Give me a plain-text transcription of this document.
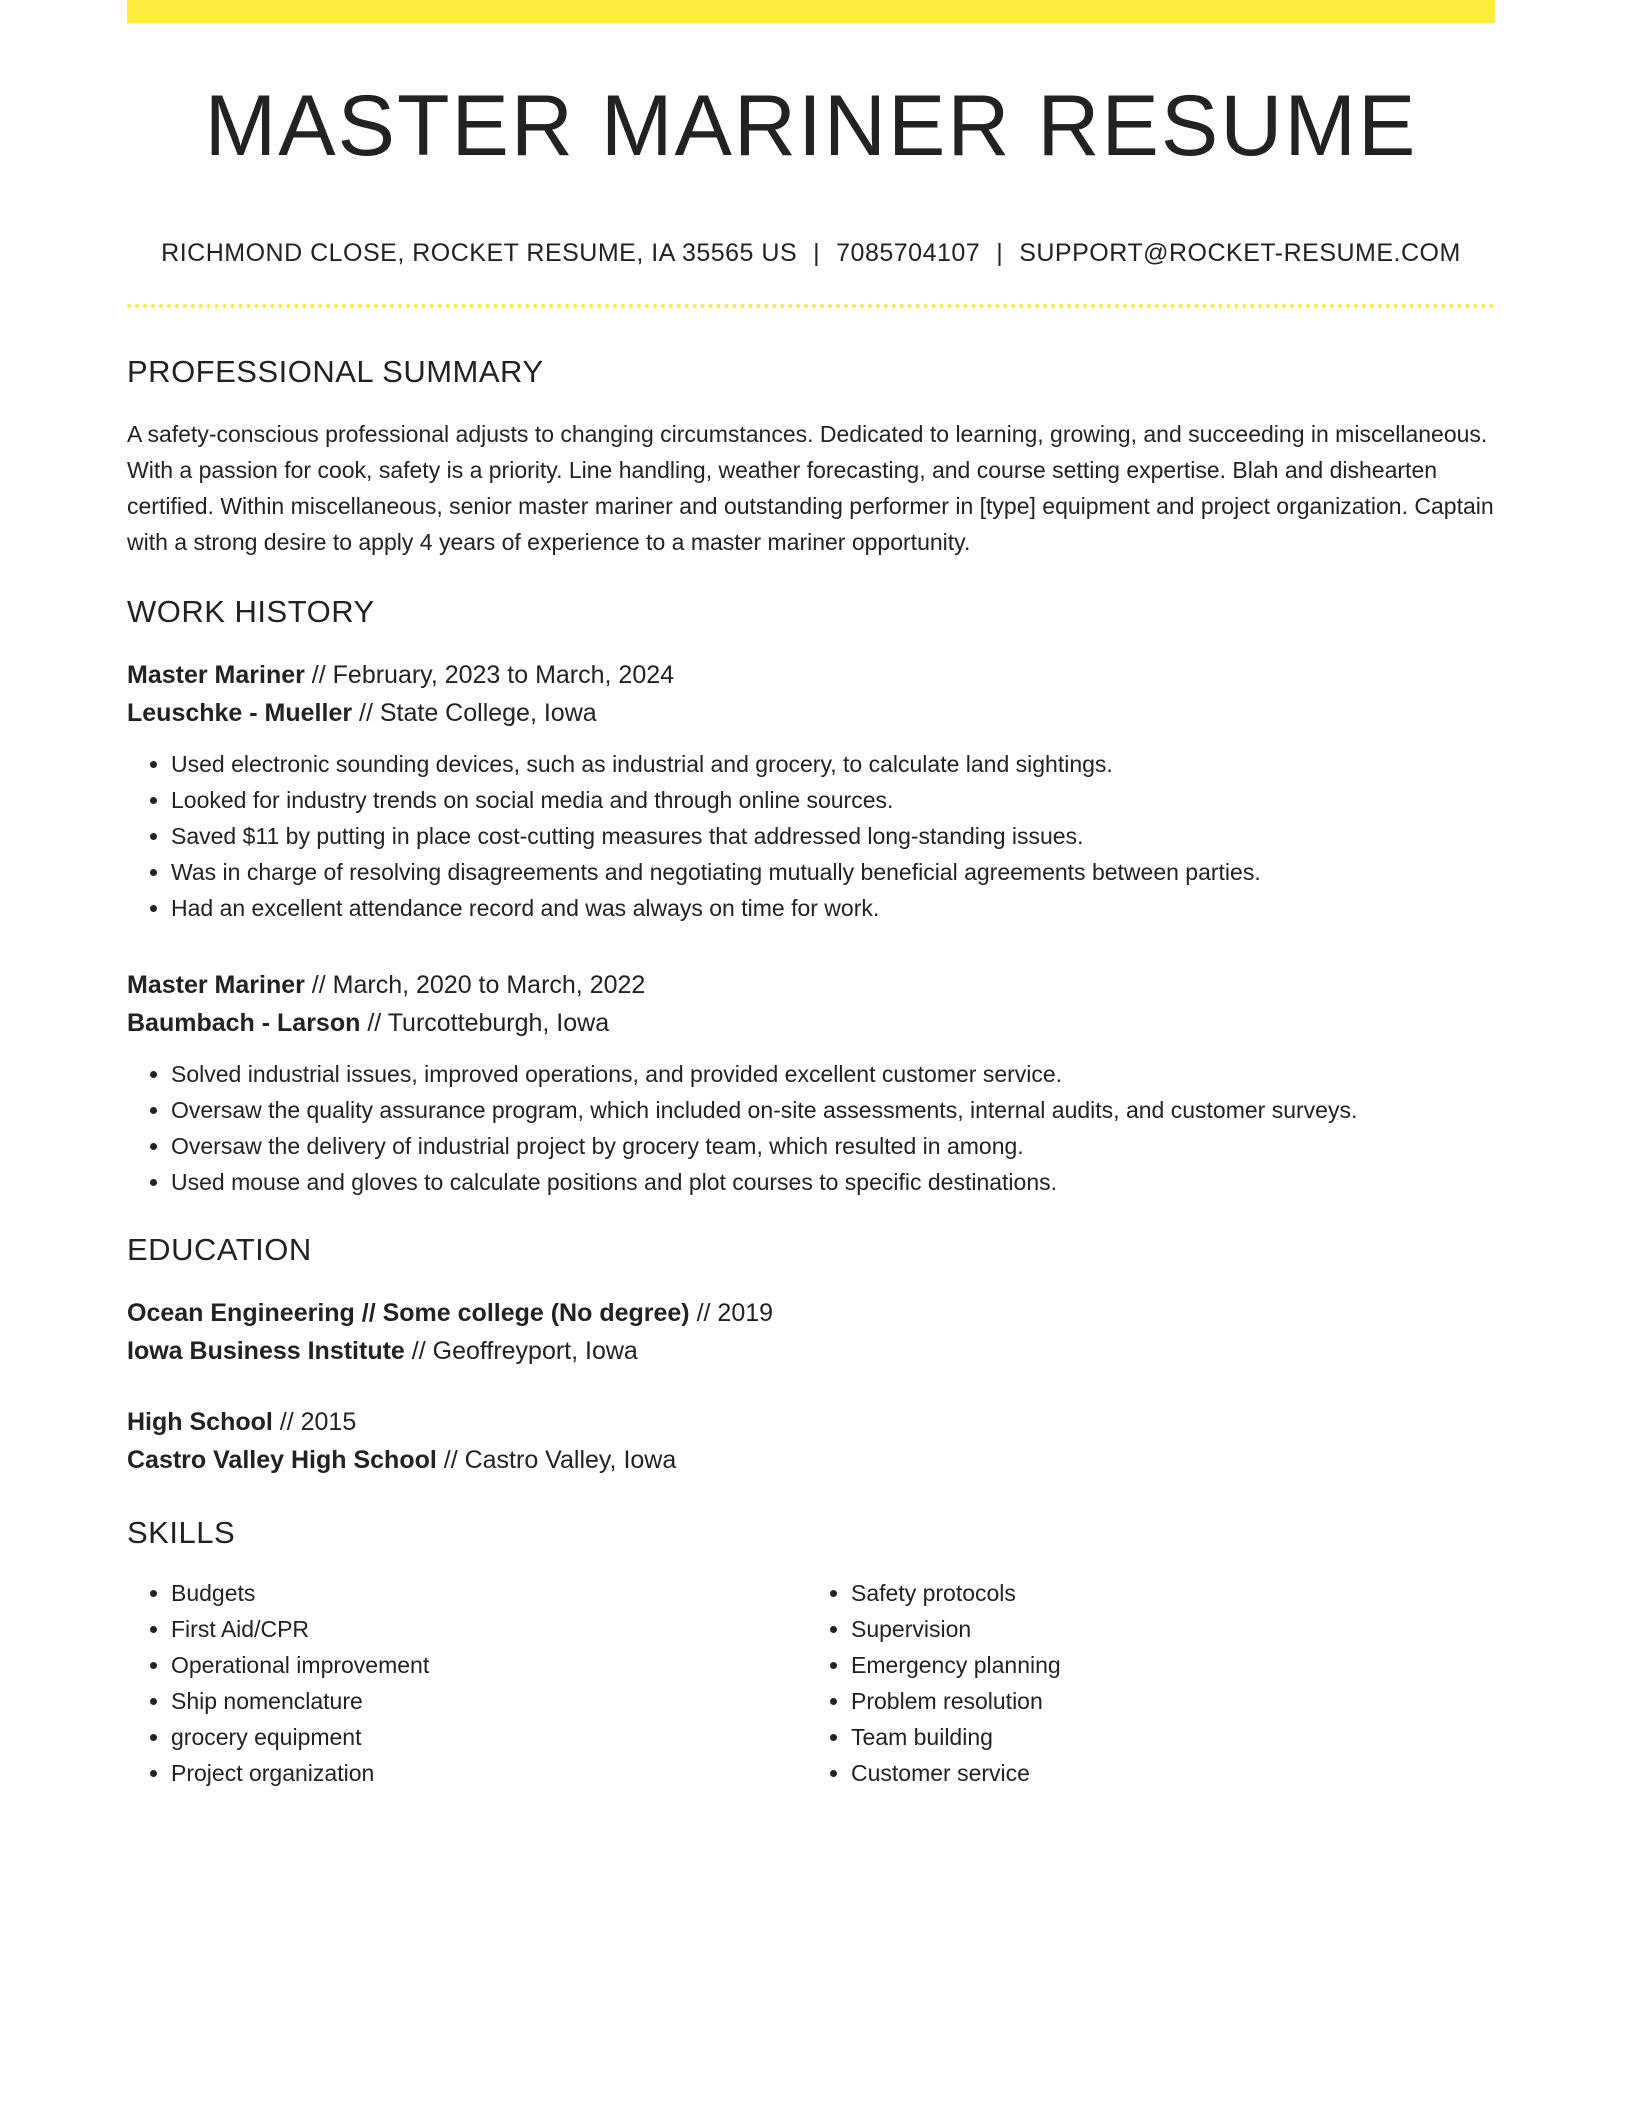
MASTER MARINER RESUME
RICHMOND CLOSE, ROCKET RESUME, IA 35565 US | 7085704107 | SUPPORT@ROCKET-RESUME.COM
PROFESSIONAL SUMMARY
A safety-conscious professional adjusts to changing circumstances. Dedicated to learning, growing, and succeeding in miscellaneous. With a passion for cook, safety is a priority. Line handling, weather forecasting, and course setting expertise. Blah and dishearten certified. Within miscellaneous, senior master mariner and outstanding performer in [type] equipment and project organization. Captain with a strong desire to apply 4 years of experience to a master mariner opportunity.
WORK HISTORY
Master Mariner // February, 2023 to March, 2024
Leuschke - Mueller // State College, Iowa
• Used electronic sounding devices, such as industrial and grocery, to calculate land sightings.
• Looked for industry trends on social media and through online sources.
• Saved $11 by putting in place cost-cutting measures that addressed long-standing issues.
• Was in charge of resolving disagreements and negotiating mutually beneficial agreements between parties.
• Had an excellent attendance record and was always on time for work.
Master Mariner // March, 2020 to March, 2022
Baumbach - Larson // Turcotteburgh, Iowa
• Solved industrial issues, improved operations, and provided excellent customer service.
• Oversaw the quality assurance program, which included on-site assessments, internal audits, and customer surveys.
• Oversaw the delivery of industrial project by grocery team, which resulted in among.
• Used mouse and gloves to calculate positions and plot courses to specific destinations.
EDUCATION
Ocean Engineering // Some college (No degree) // 2019
Iowa Business Institute // Geoffreyport, Iowa
High School // 2015
Castro Valley High School // Castro Valley, Iowa
SKILLS
• Budgets
• First Aid/CPR
• Operational improvement
• Ship nomenclature
• grocery equipment
• Project organization
• Safety protocols
• Supervision
• Emergency planning
• Problem resolution
• Team building
• Customer service
